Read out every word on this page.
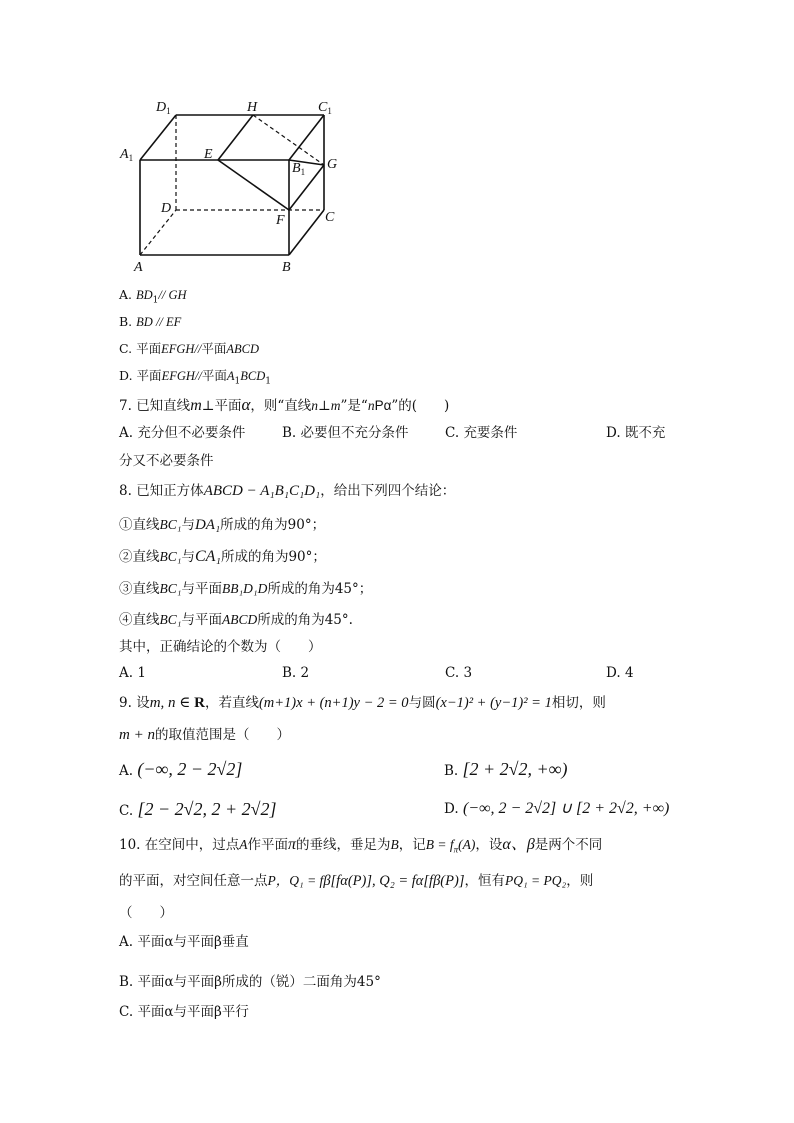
$D_1$	H	$C_1$
$A_1$	E
$B_1$ G
D
F	C
A	B
A. $BD_1//$ GH
B. BD // EF
C. 平面EFGH//平面ABCD
D. 平面EFGH//平面$A_1BCD_1$
7. 已知直线m⊥平面α，则“直线n⊥m”是“nPα”的(　　)
A. 充分但不必要条件	B. 必要但不充分条件	C. 充要条件	D. 既不充
分又不必要条件
8. 已知正方体ABCD − A₁B₁C₁D₁，给出下列四个结论：
①直线BC₁与DA₁所成的角为90°；
②直线BC₁与CA₁所成的角为90°；
③直线BC₁与平面BB₁D₁D所成的角为45°；
④直线BC₁与平面ABCD所成的角为45°.
其中，正确结论的个数为（　　）
A. 1	B. 2	C. 3	D. 4
9. 设m, n ∈ R，若直线(m+1)x + (n+1)y − 2 = 0与圆(x−1)² + (y−1)² = 1相切，则
m + n的取值范围是（　　）
A. (−∞, 2 − 2√2]	B. [2 + 2√2, +∞)
C. [2 − 2√2, 2 + 2√2]	D. (−∞, 2 − 2√2] ∪ [2 + 2√2, +∞)
10. 在空间中，过点A作平面π的垂线，垂足为B，记$B = f_\pi(A)$，设α、β是两个不同
的平面，对空间任意一点P，Q₁ = fβ[fα(P)], Q₂ = fα[fβ(P)]，恒有PQ₁ = PQ₂，则
（　　）
A. 平面α与平面β垂直
B. 平面α与平面β所成的（锐）二面角为45°
C. 平面α与平面β平行
